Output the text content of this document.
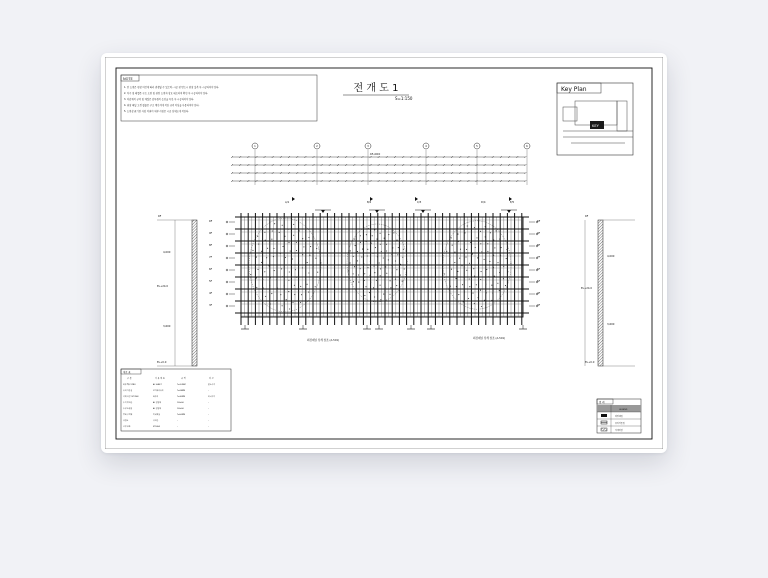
NOTE
1. 본 도면은 현장 여건에 따라 변경될 수 있으며, 시공 전 반드시 현장 실측 후 시공하여야 한다.
2. 치수 및 레벨은 구조 도면 및 관련 도면과 상호 대조하여 확인 후 시공하여야 한다.
3. 마감재의 규격 및 재질은 감독원의 승인을 득한 후 시공하여야 한다.
4. 외장 패널 고정 철물은 구조 계산서에 의한 규격 이상을 사용하여야 한다.
5. 도면상 표기된 사항 이외의 세부 사항은 시공 상세도에 의한다.
전 개 도 1
S=1:150
Key Plan
KEY
45,000
1	2	3	4	5	6
A/1	B/2	C/3	D/4	E/5
RF
9F
8F
7F
6F
5F
4F
3F
RF
9F
8F
7F
6F
5F
4F
3F
RF
4,000
EL+24.0
3,600
EL+0.0
RF
4,000
EL+24.0
3,600
EL+0.0
외장패널 상세 참조 (A-501)
외장패널 상세 참조 (A-501)
재료 표
구 분	사 용 재 료	규 격	비 고
외장 패널 (PNL)	AL SHEET	T=3.0MM	불소수지
유리 커튼월	로이복층유리	T=24MM	-
석재 마감 (STONE)	화강석	T=30MM	버너구이
수직 멀리온	AL 압출재	100x50	-
수평 트랜섬	AL 압출재	100x50	-
방화 구획재	미네랄울	T=50MM	-
실란트	실리콘	-	-
고정 철물	STS304	-	-
범 례
LEGEND
외장패널
유리커튼월
석재마감
